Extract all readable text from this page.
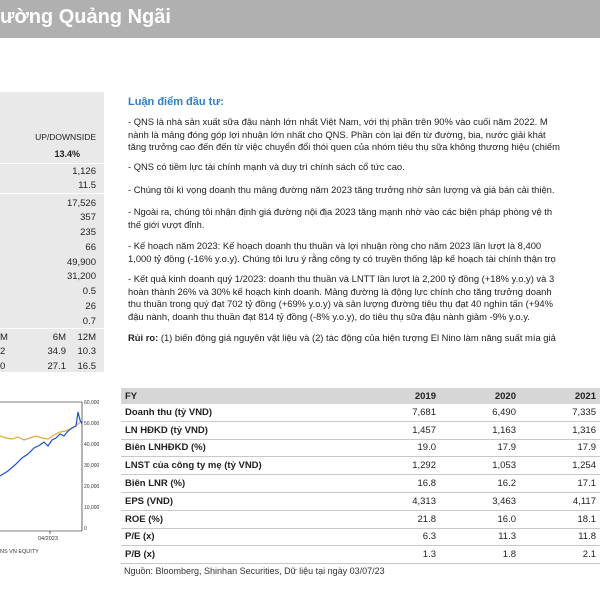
ường Quảng Ngãi
UP/DOWNSIDE
13.4%
1,126
11.5
17,526
357
235
66
49,900
31,200
0.5
26
0.7
M	6M	12M
2	34.9	10.3
0	27.1	16.5
60,000
50,000
40,000
30,000
20,000
10,000
0
04/2023
NS VN EQUITY
Luận điểm đầu tư:
- QNS là nhà sản xuất sữa đậu nành lớn nhất Việt Nam, với thị phần trên 90% vào cuối năm 2022. M
nành là mảng đóng góp lợi nhuận lớn nhất cho QNS. Phần còn lại đến từ đường, bia, nước giải khát
tăng trưởng cao đến đến từ việc chuyển đổi thói quen của nhóm tiêu thụ sữa không thương hiệu (chiếm
- QNS có tiềm lực tài chính mạnh và duy trì chính sách cổ tức cao.
- Chúng tôi kì vọng doanh thu mảng đường năm 2023 tăng trưởng nhờ sản lượng và giá bán cải thiện.
- Ngoài ra, chúng tôi nhận định giá đường nội địa 2023 tăng mạnh nhờ vào các biện pháp phòng vệ th
thế giới vượt đỉnh.
- Kế hoạch năm 2023: Kế hoạch doanh thu thuần và lợi nhuận ròng cho năm 2023 lần lượt là 8,400
1,000 tỷ đồng (-16% y.o.y). Chúng tôi lưu ý rằng công ty có truyền thống lập kế hoạch tài chính thận trọ
- Kết quả kinh doanh quý 1/2023: doanh thu thuần và LNTT lần lượt là 2,200 tỷ đồng (+18% y.o.y) và 3
hoàn thành 26% và 30% kế hoạch kinh doanh. Mảng đường là động lực chính cho tăng trưởng doanh
thu thuần trong quý đạt 702 tỷ đồng (+69% y.o.y) và sản lượng đường tiêu thụ đạt 40 nghìn tấn (+94%
đậu nành, doanh thu thuần đạt 814 tỷ đồng (-8% y.o.y), do tiêu thụ sữa đậu nành giảm -9% y.o.y.
Rủi ro: (1) biến động giá nguyên vật liệu và (2) tác động của hiện tượng El Nino làm năng suất mía giả
FY	2019	2020	2021
Doanh thu (tỷ VND)	7,681	6,490	7,335
LN HĐKD (tỷ VND)	1,457	1,163	1,316
Biên LNHĐKD (%)	19.0	17.9	17.9
LNST của công ty mẹ (tỷ VND)	1,292	1,053	1,254
Biên LNR (%)	16.8	16.2	17.1
EPS (VND)	4,313	3,463	4,117
ROE (%)	21.8	16.0	18.1
P/E (x)	6.3	11.3	11.8
P/B (x)	1.3	1.8	2.1
Nguồn: Bloomberg, Shinhan Securities, Dữ liệu tại ngày 03/07/23
